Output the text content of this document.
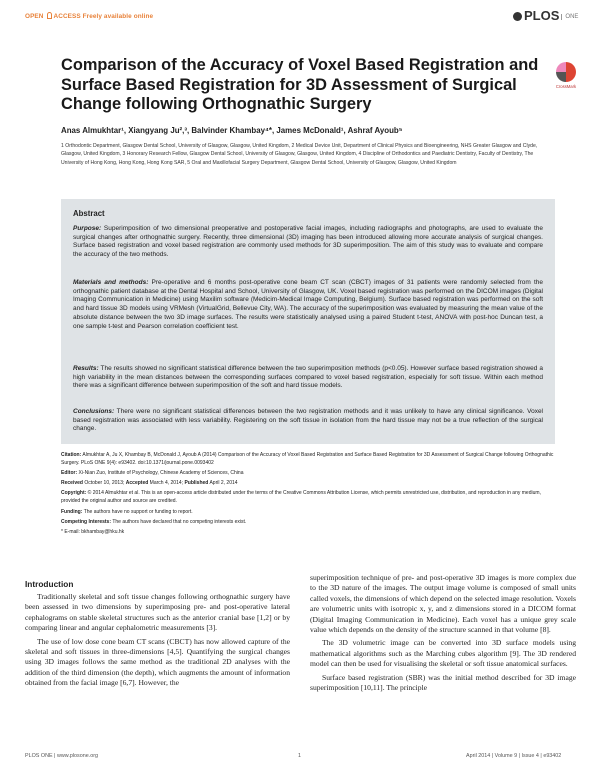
OPEN ACCESS Freely available online	PLOS ONE
CrossMark
Comparison of the Accuracy of Voxel Based Registration and Surface Based Registration for 3D Assessment of Surgical Change following Orthognathic Surgery
Anas Almukhtar¹, Xiangyang Ju²,³, Balvinder Khambay⁴*, James McDonald¹, Ashraf Ayoub⁵
1 Orthodontic Department, Glasgow Dental School, University of Glasgow, Glasgow, United Kingdom, 2 Medical Device Unit, Department of Clinical Physics and Bioengineering, NHS Greater Glasgow and Clyde, Glasgow, United Kingdom, 3 Honorary Research Fellow, Glasgow Dental School, University of Glasgow, Glasgow, United Kingdom, 4 Discipline of Orthodontics and Paediatric Dentistry, Faculty of Dentistry, The University of Hong Kong, Hong Kong, Hong Kong SAR, 5 Oral and Maxillofacial Surgery Department, Glasgow Dental School, University of Glasgow, Glasgow, United Kingdom
Abstract

Purpose: Superimposition of two dimensional preoperative and postoperative facial images, including radiographs and photographs, are used to evaluate the surgical changes after orthognathic surgery. Recently, three dimensional (3D) imaging has been introduced allowing more accurate analysis of surgical changes. Surface based registration and voxel based registration are commonly used methods for 3D superimposition. The aim of this study was to evaluate and compare the accuracy of the two methods.

Materials and methods: Pre-operative and 6 months post-operative cone beam CT scan (CBCT) images of 31 patients were randomly selected from the orthognathic patient database at the Dental Hospital and School, University of Glasgow, UK. Voxel based registration was performed on the DICOM images (Digital Imaging Communication in Medicine) using Maxilim software (Medicim-Medical Image Computing, Belgium). Surface based registration was performed on the soft and hard tissue 3D models using VRMesh (VirtualGrid, Bellevue City, WA). The accuracy of the superimposition was evaluated by measuring the mean value of the absolute distance between the two 3D image surfaces. The results were statistically analysed using a paired Student t-test, ANOVA with post-hoc Duncan test, a one sample t-test and Pearson correlation coefficient test.

Results: The results showed no significant statistical difference between the two superimposition methods (p<0.05). However surface based registration showed a high variability in the mean distances between the corresponding surfaces compared to voxel based registration, especially for soft tissue. Within each method there was a significant difference between superimposition of the soft and hard tissue models.

Conclusions: There were no significant statistical differences between the two registration methods and it was unlikely to have any clinical significance. Voxel based registration was associated with less variability. Registering on the soft tissue in isolation from the hard tissue may not be a true reflection of the surgical change.

Citation: Almukhtar A, Ju X, Khambay B, McDonald J, Ayoub A (2014) Comparison of the Accuracy of Voxel Based Registration and Surface Based Registration for 3D Assessment of Surgical Change following Orthognathic Surgery. PLoS ONE 9(4): e93402. doi:10.1371/journal.pone.0093402
Editor: Xi-Nian Zuo, Institute of Psychology, Chinese Academy of Sciences, China
Received October 10, 2013; Accepted March 4, 2014; Published April 2, 2014
Copyright: © 2014 Almukhtar et al. This is an open-access article distributed under the terms of the Creative Commons Attribution License, which permits unrestricted use, distribution, and reproduction in any medium, provided the original author and source are credited.
Funding: The authors have no support or funding to report.
Competing Interests: The authors have declared that no competing interests exist.
* E-mail: bkhambay@hku.hk
Introduction

Traditionally skeletal and soft tissue changes following orthognathic surgery have been assessed in two dimensions by superimposing pre- and post-operative lateral cephalograms on stable skeletal structures such as the anterior cranial base [1,2] or by comparing linear and angular cephalometric measurements [3].

The use of low dose cone beam CT scans (CBCT) has now allowed capture of the skeletal and soft tissues in three-dimensions [4,5]. Quantifying the surgical changes using 3D images follows the same method as the traditional 2D analyses with the addition of the third dimension (the depth), which augments the amount of information obtained from the facial image [6,7]. However, the

superimposition technique of pre- and post-operative 3D images is more complex due to the 3D nature of the images. The output image volume is composed of small units called voxels, the dimensions of which depend on the selected image resolution. Voxels are volumetric units with isotropic x, y, and z dimensions stored in a DICOM format (Digital Imaging Communication in Medicine). Each voxel has a unique grey scale value which depends on the density of the structure scanned in that volume [8].

The 3D volumetric image can be converted into 3D surface models using mathematical algorithms such as the Marching cubes algorithm [9]. The 3D rendered model can then be used for visualising the skeletal or soft tissue anatomical surfaces.

Surface based registration (SBR) was the initial method described for 3D image superimposition [10,11]. The principle

PLOS ONE | www.plosone.org	1	April 2014 | Volume 9 | Issue 4 | e93402
